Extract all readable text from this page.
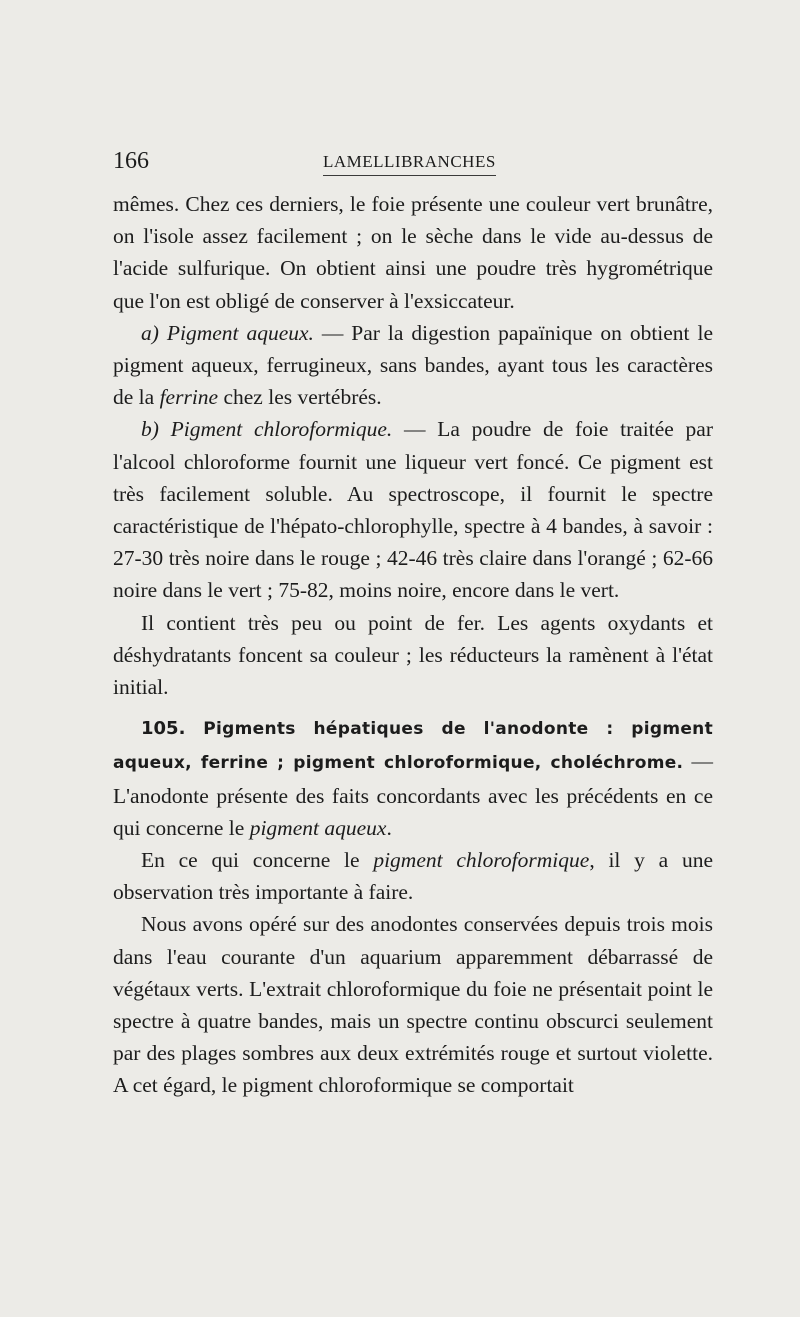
166	LAMELLIBRANCHES

mêmes. Chez ces derniers, le foie présente une couleur vert brunâtre, on l'isole assez facilement ; on le sèche dans le vide au-dessus de l'acide sulfurique. On obtient ainsi une poudre très hygrométrique que l'on est obligé de conserver à l'exsiccateur.

a) Pigment aqueux. — Par la digestion papaïnique on obtient le pigment aqueux, ferrugineux, sans bandes, ayant tous les caractères de la ferrine chez les vertébrés.

b) Pigment chloroformique. — La poudre de foie traitée par l'alcool chloroforme fournit une liqueur vert foncé. Ce pigment est très facilement soluble. Au spectroscope, il fournit le spectre caractéristique de l'hépato-chlorophylle, spectre à 4 bandes, à savoir : 27-30 très noire dans le rouge ; 42-46 très claire dans l'orangé ; 62-66 noire dans le vert ; 75-82, moins noire, encore dans le vert.

Il contient très peu ou point de fer. Les agents oxydants et déshydratants foncent sa couleur ; les réducteurs la ramènent à l'état initial.

105. Pigments hépatiques de l'anodonte : pigment aqueux, ferrine ; pigment chloroformique, choléchrome. — L'anodonte présente des faits concordants avec les précédents en ce qui concerne le pigment aqueux.

En ce qui concerne le pigment chloroformique, il y a une observation très importante à faire.

Nous avons opéré sur des anodontes conservées depuis trois mois dans l'eau courante d'un aquarium apparemment débarrassé de végétaux verts. L'extrait chloroformique du foie ne présentait point le spectre à quatre bandes, mais un spectre continu obscurci seulement par des plages sombres aux deux extrémités rouge et surtout violette. A cet égard, le pigment chloroformique se comportait
